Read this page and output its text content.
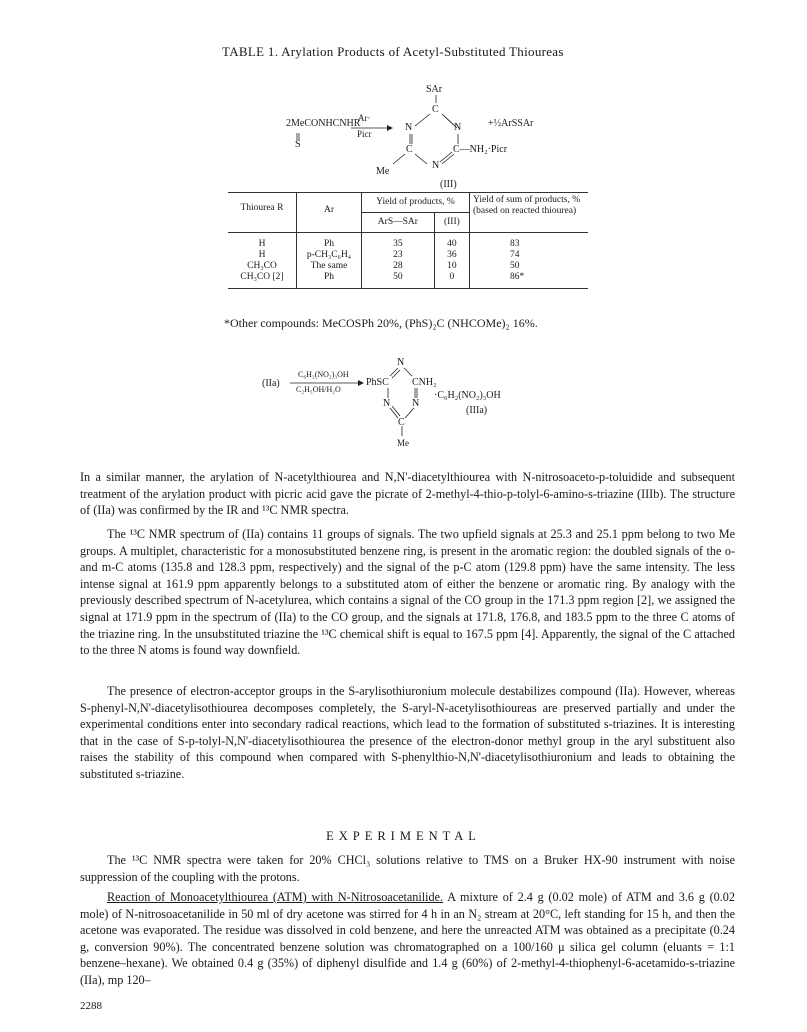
TABLE 1. Arylation Products of Acetyl-Substituted Thioureas
2MeCONHCNHR
S
Ar·
Picr
SAr
C
N	N
C	C—NH₂·Picr
N
Me
+½ArSSAr
(III)
Thiourea R	Ar	Yield of products, %		Yield of sum of products, % (based on reacted thiourea)
		ArS—SAr	(III)	

H	Ph	35	40	83
H	p-CH₃C₆H₄	23	36	74
CH₃CO	The same	28	10	50
CH₃CO [2]	Ph	50	0	86*

*Other compounds: MeCOSPh 20%, (PhS)₂C (NHCOMe)₂ 16%.
(IIa)
C₆H₂(NO₂)₃OH
C₂H₅OH/H₂O
N
PhSC CNH₂
N N
C
Me
·C₆H₂(NO₂)₃OH
(IIIa)

In a similar manner, the arylation of N-acetylthiourea and N,N'-diacetylthiourea with N-nitrosoaceto-p-toluidide and subsequent treatment of the arylation product with picric acid gave the picrate of 2-methyl-4-thio-p-tolyl-6-amino-s-triazine (IIIb). The structure of (IIa) was confirmed by the IR and ¹³C NMR spectra.

The ¹³C NMR spectrum of (IIa) contains 11 groups of signals. The two upfield signals at 25.3 and 25.1 ppm belong to two Me groups. A multiplet, characteristic for a monosubstituted benzene ring, is present in the aromatic region: the doubled signals of the o- and m-C atoms (135.8 and 128.3 ppm, respectively) and the signal of the p-C atom (129.8 ppm) have the same intensity. The less intense signal at 161.9 ppm apparently belongs to a substituted atom of either the benzene or aromatic ring. By analogy with the previously described spectrum of N-acetylurea, which contains a signal of the CO group in the 171.3 ppm region [2], we assigned the signal at 171.9 ppm in the spectrum of (IIa) to the CO group, and the signals at 171.8, 176.8, and 183.5 ppm to the three C atoms of the triazine ring. In the unsubstituted triazine the ¹³C chemical shift is equal to 167.5 ppm [4]. Apparently, the signal of the C attached to the three N atoms is found way downfield.

The presence of electron-acceptor groups in the S-arylisothiuronium molecule destabilizes compound (IIa). However, whereas S-phenyl-N,N'-diacetylisothiourea decomposes completely, the S-aryl-N-acetylisothioureas are preserved partially and under the experimental conditions enter into secondary radical reactions, which lead to the formation of substituted s-triazines. It is interesting that in the case of S-p-tolyl-N,N'-diacetylisothiourea the presence of the electron-donor methyl group in the aryl substituent also raises the stability of this compound when compared with S-phenylthio-N,N'-diacetylisothiuronium and leads to obtaining the substituted s-triazine.

EXPERIMENTAL

The ¹³C NMR spectra were taken for 20% CHCl₃ solutions relative to TMS on a Bruker HX-90 instrument with noise suppression of the coupling with the protons.

Reaction of Monoacetylthiourea (ATM) with N-Nitrosoacetanilide. A mixture of 2.4 g (0.02 mole) of ATM and 3.6 g (0.02 mole) of N-nitrosoacetanilide in 50 ml of dry acetone was stirred for 4 h in an N₂ stream at 20°C, left standing for 15 h, and then the acetone was evaporated. The residue was dissolved in cold benzene, and here the unreacted ATM was obtained as a precipitate (0.24 g, conversion 90%). The concentrated benzene solution was chromatographed on a 100/160 μ silica gel column (eluants = 1:1 benzene–hexane). We obtained 0.4 g (35%) of diphenyl disulfide and 1.4 g (60%) of 2-methyl-4-thiophenyl-6-acetamido-s-triazine (IIa), mp 120–

2288
